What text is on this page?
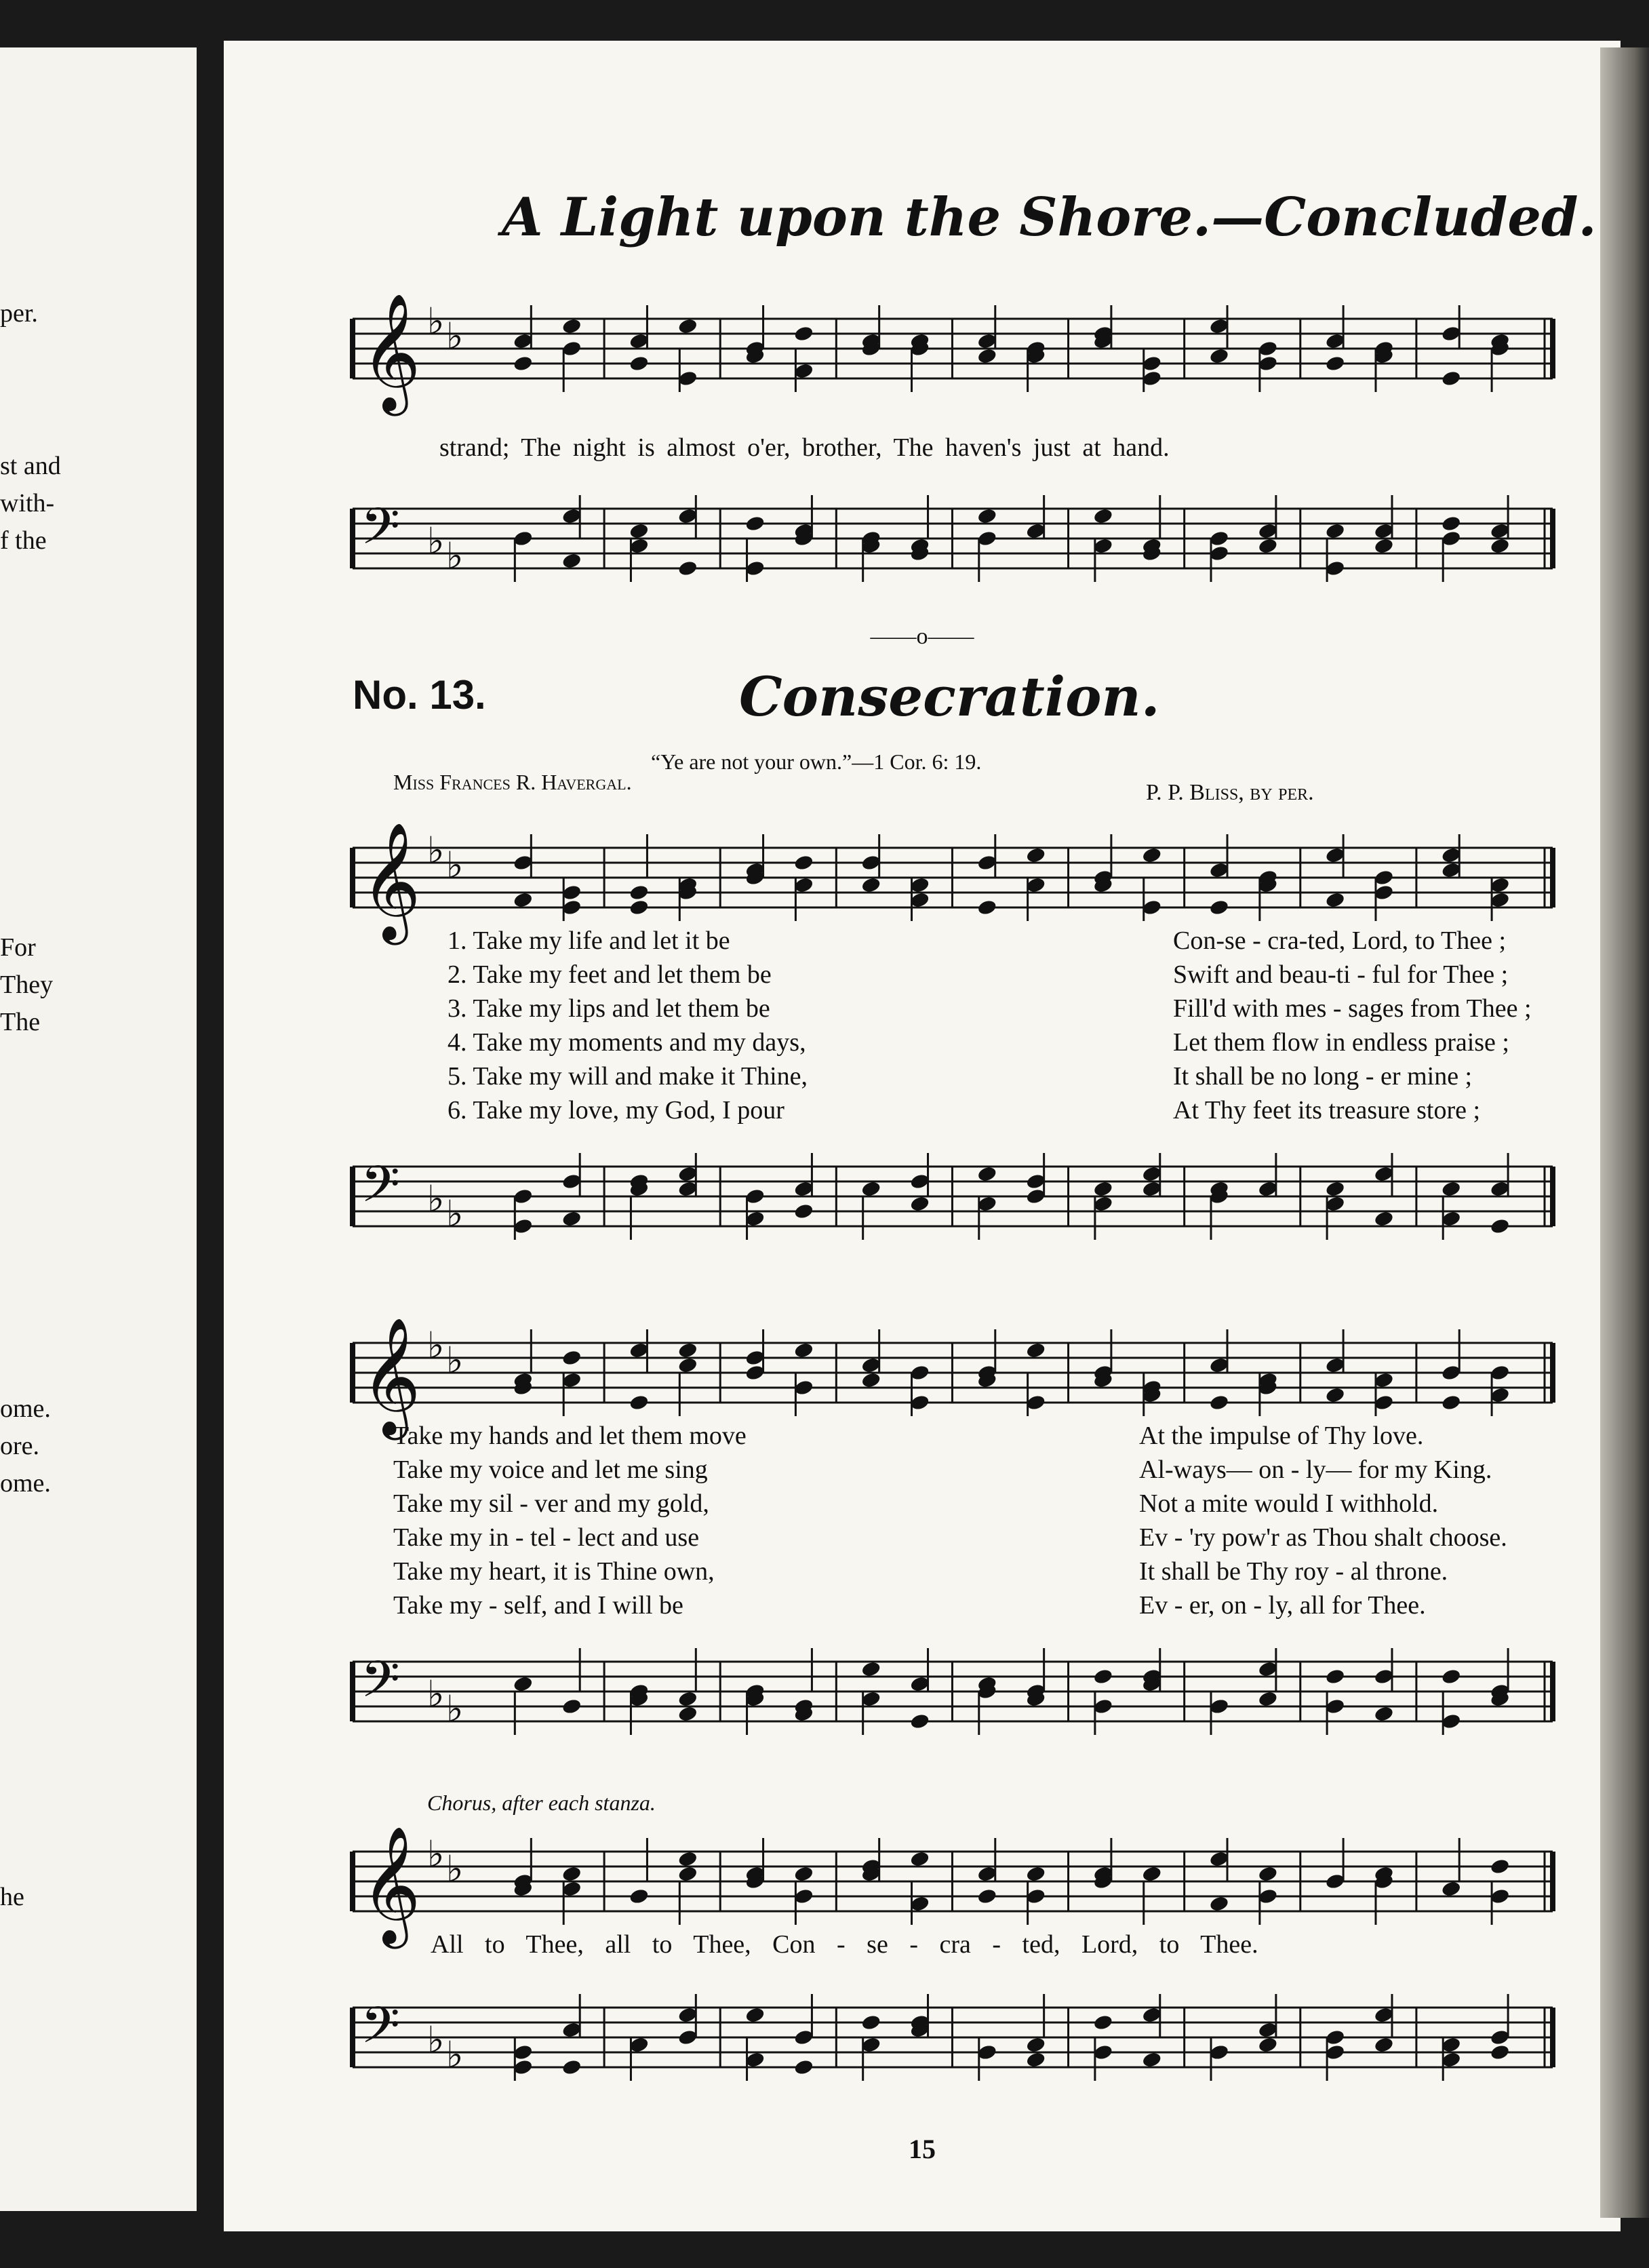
per.
st and
with-
f the
For
They
The
ome.
ore.
ome.
he
A Light upon the Shore.—Concluded.
𝄞 ♭ ♭
strand; The night is almost o'er, brother, The haven's just at hand.
𝄢 ♭ ♭
——o——
No. 13.	Consecration.
“Ye are not your own.”—1 Cor. 6: 19.
Miss Frances R. Havergal.	P. P. Bliss, by per.
𝄞 ♭ ♭
1. Take my life and let it be	Con-se - cra-ted, Lord, to Thee ;
2. Take my feet and let them be	Swift and beau-ti - ful for Thee ;
3. Take my lips and let them be	Fill'd with mes - sages from Thee ;
4. Take my moments and my days,	Let them flow in endless praise ;
5. Take my will and make it Thine,	It shall be no long - er mine ;
6. Take my love, my God, I pour	At Thy feet its treasure store ;
𝄢 ♭ ♭
𝄞 ♭ ♭
Take my hands and let them move	At the impulse of Thy love.
Take my voice and let me sing	Al-ways— on - ly— for my King.
Take my sil - ver and my gold,	Not a mite would I withhold.
Take my in - tel - lect and use	Ev - 'ry pow'r as Thou shalt choose.
Take my heart, it is Thine own,	It shall be Thy roy - al throne.
Take my - self, and I will be	Ev - er, on - ly, all for Thee.
𝄢 ♭ ♭
Chorus, after each stanza.
𝄞 ♭ ♭
All to Thee, all to Thee, Con - se - cra - ted, Lord, to Thee.
𝄢 ♭ ♭
15
